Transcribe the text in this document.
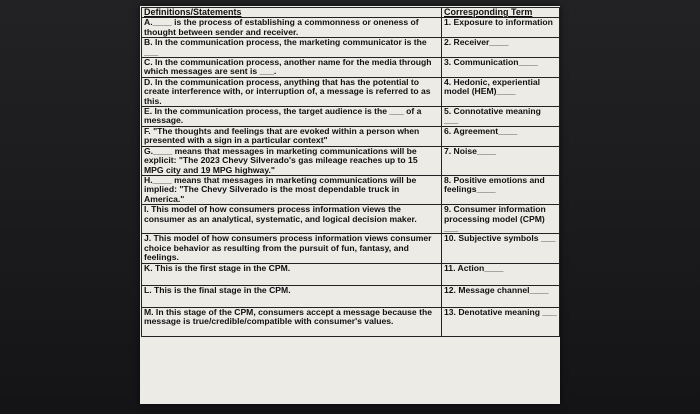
Definitions/Statements	Corresponding Term
A.____ is the process of establishing a commonness or oneness of thought between sender and receiver.	1. Exposure to information
B. In the communication process, the marketing communicator is the ___	2. Receiver____
C. In the communication process, another name for the media through which messages are sent is ___.	3. Communication____
D. In the communication process, anything that has the potential to create interference with, or interruption of, a message is referred to as this.	4. Hedonic, experiential model (HEM)____
E. In the communication process, the target audience is the ___ of a message.	5. Connotative meaning ___
F. "The thoughts and feelings that are evoked within a person when presented with a sign in a particular context"	6. Agreement____
G.____ means that messages in marketing communications will be explicit: "The 2023 Chevy Silverado's gas mileage reaches up to 15 MPG city and 19 MPG highway."	7. Noise____
H.____ means that messages in marketing communications will be implied: "The Chevy Silverado is the most dependable truck in America."	8. Positive emotions and feelings____
I. This model of how consumers process information views the consumer as an analytical, systematic, and logical decision maker.	9. Consumer information processing model (CPM) ___
J. This model of how consumers process information views consumer choice behavior as resulting from the pursuit of fun, fantasy, and feelings.	10. Subjective symbols ___
K. This is the first stage in the CPM.	11. Action____
L. This is the final stage in the CPM.	12. Message channel____
M. In this stage of the CPM, consumers accept a message because the message is true/credible/compatible with consumer's values.	13. Denotative meaning ___
